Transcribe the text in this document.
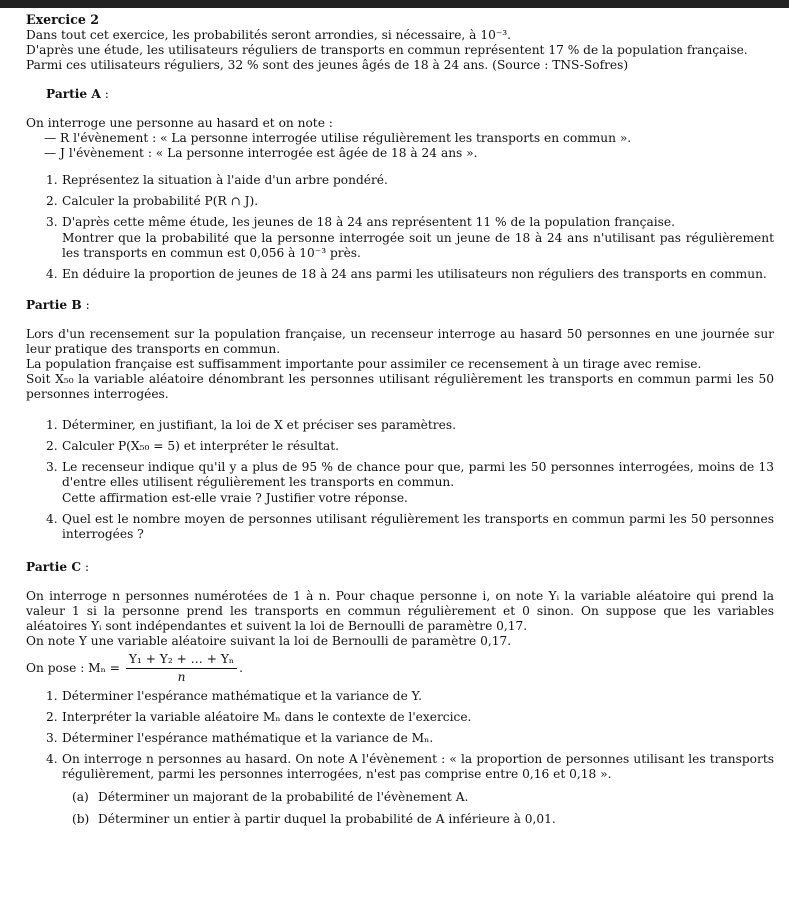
Exercice 2

Dans tout cet exercice, les probabilités seront arrondies, si nécessaire, à 10⁻³.

D'après une étude, les utilisateurs réguliers de transports en commun représentent 17 % de la population française.

Parmi ces utilisateurs réguliers, 32 % sont des jeunes âgés de 18 à 24 ans. (Source : TNS-Sofres)

Partie A :

On interroge une personne au hasard et on note :

— R l'évènement : « La personne interrogée utilise régulièrement les transports en commun ».

— J l'évènement : « La personne interrogée est âgée de 18 à 24 ans ».

1. Représentez la situation à l'aide d'un arbre pondéré.
2. Calculer la probabilité P(R ∩ J).
3. D'après cette même étude, les jeunes de 18 à 24 ans représentent 11 % de la population française.
Montrer que la probabilité que la personne interrogée soit un jeune de 18 à 24 ans n'utilisant pas régulièrement les transports en commun est 0,056 à 10⁻³ près.
4. En déduire la proportion de jeunes de 18 à 24 ans parmi les utilisateurs non réguliers des transports en commun.
Partie B :

Lors d'un recensement sur la population française, un recenseur interroge au hasard 50 personnes en une journée sur leur pratique des transports en commun.

La population française est suffisamment importante pour assimiler ce recensement à un tirage avec remise.

Soit X₅₀ la variable aléatoire dénombrant les personnes utilisant régulièrement les transports en commun parmi les 50 personnes interrogées.

1. Déterminer, en justifiant, la loi de X et préciser ses paramètres.
2. Calculer P(X₅₀ = 5) et interpréter le résultat.
3. Le recenseur indique qu'il y a plus de 95 % de chance pour que, parmi les 50 personnes interrogées, moins de 13 d'entre elles utilisent régulièrement les transports en commun.
Cette affirmation est-elle vraie ? Justifier votre réponse.
4. Quel est le nombre moyen de personnes utilisant régulièrement les transports en commun parmi les 50 personnes interrogées ?
Partie C :

On interroge n personnes numérotées de 1 à n. Pour chaque personne i, on note Yᵢ la variable aléatoire qui prend la valeur 1 si la personne prend les transports en commun régulièrement et 0 sinon. On suppose que les variables aléatoires Yᵢ sont indépendantes et suivent la loi de Bernoulli de paramètre 0,17.

On note Y une variable aléatoire suivant la loi de Bernoulli de paramètre 0,17.

On pose : $M_n = \frac{\text{Y₁ + Y₂ + … + Yₙ}}{n}$ .

1. Déterminer l'espérance mathématique et la variance de Y.
2. Interpréter la variable aléatoire Mₙ dans le contexte de l'exercice.
3. Déterminer l'espérance mathématique et la variance de Mₙ.
4. On interroge n personnes au hasard. On note A l'évènement : « la proportion de personnes utilisant les transports régulièrement, parmi les personnes interrogées, n'est pas comprise entre 0,16 et 0,18 ».
(a) Déterminer un majorant de la probabilité de l'évènement A.
(b) Déterminer un entier à partir duquel la probabilité de A inférieure à 0,01.
